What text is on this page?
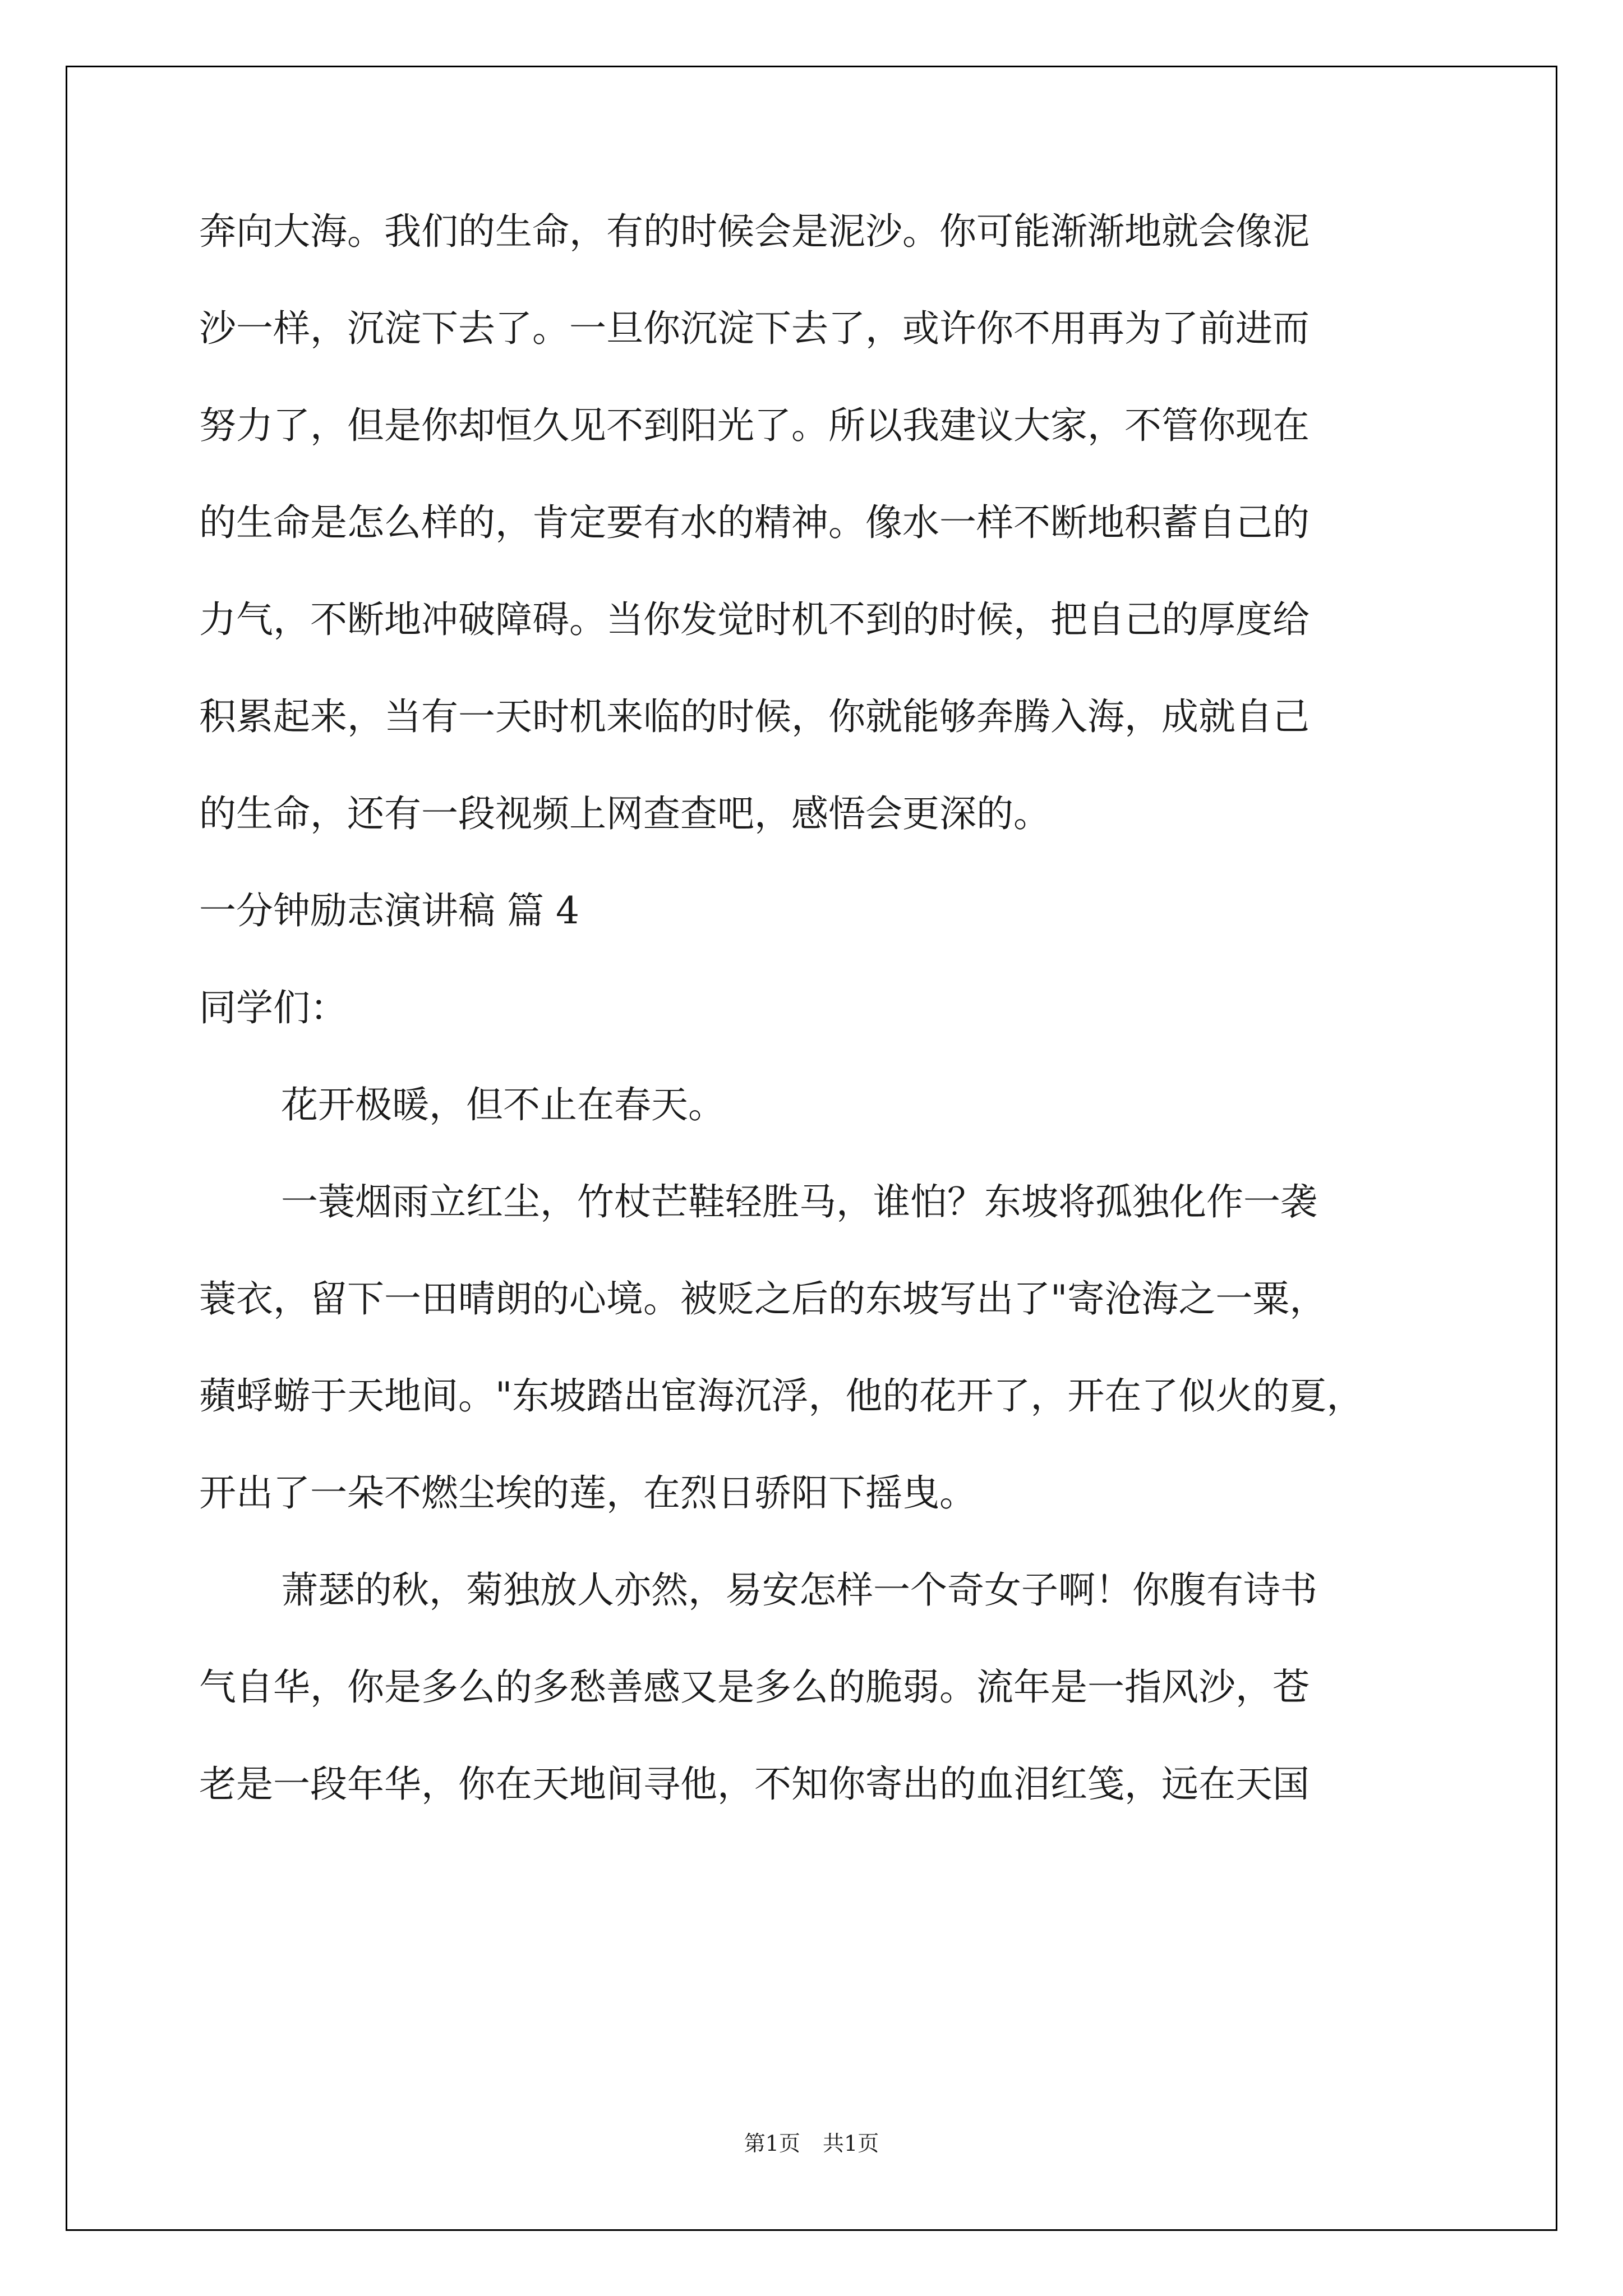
奔向大海。我们的生命，有的时候会是泥沙。你可能渐渐地就会像泥
沙一样，沉淀下去了。一旦你沉淀下去了，或许你不用再为了前进而
努力了，但是你却恒久见不到阳光了。所以我建议大家，不管你现在
的生命是怎么样的，肯定要有水的精神。像水一样不断地积蓄自己的
力气，不断地冲破障碍。当你发觉时机不到的时候，把自己的厚度给
积累起来，当有一天时机来临的时候，你就能够奔腾入海，成就自己
的生命，还有一段视频上网查查吧，感悟会更深的。
一分钟励志演讲稿 篇 4
同学们：
花开极暖，但不止在春天。
一蓑烟雨立红尘，竹杖芒鞋轻胜马，谁怕？东坡将孤独化作一袭
蓑衣，留下一田晴朗的心境。被贬之后的东坡写出了"寄沧海之一粟，
蘋蜉蝣于天地间。"东坡踏出宦海沉浮，他的花开了，开在了似火的夏，
开出了一朵不燃尘埃的莲，在烈日骄阳下摇曳。
萧瑟的秋，菊独放人亦然，易安怎样一个奇女子啊！你腹有诗书
气自华，你是多么的多愁善感又是多么的脆弱。流年是一指风沙，苍
老是一段年华，你在天地间寻他，不知你寄出的血泪红笺，远在天国
第1页 共1页
